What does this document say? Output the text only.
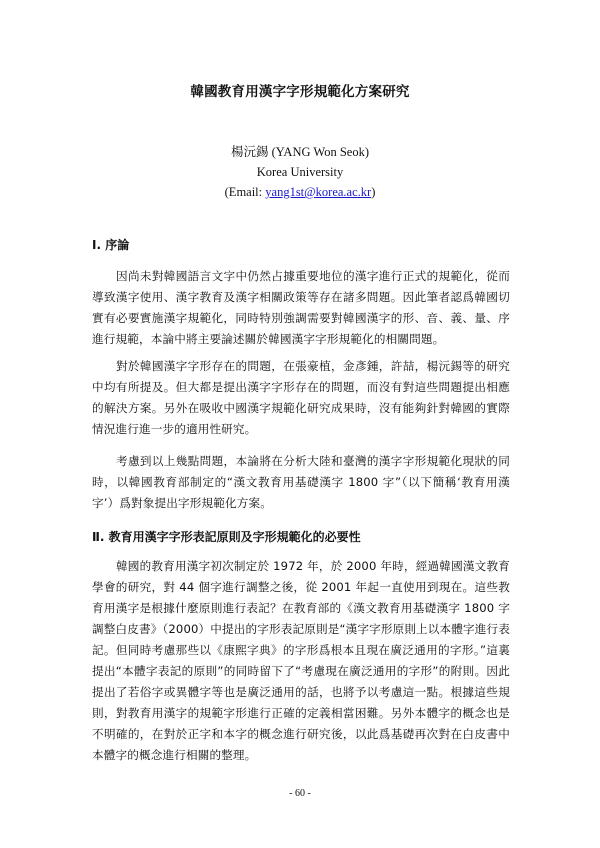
韓國教育用漢字字形規範化方案研究
楊沅錫 (YANG Won Seok)
Korea University
(Email: yang1st@korea.ac.kr)
Ⅰ. 序論
因尚未對韓國語言文字中仍然占據重要地位的漢字進行正式的規範化，從而導致漢字使用、漢字教育及漢字相關政策等存在諸多問題。因此筆者認爲韓國切實有必要實施漢字規範化，同時特別強調需要對韓國漢字的形、音、義、量、序進行規範，本論中將主要論述關於韓國漢字字形規範化的相關問題。
對於韓國漢字字形存在的問題，在張豪植，金彥鍾，許喆，楊沅錫等的研究中均有所提及。但大都是提出漢字字形存在的問題，而沒有對這些問題提出相應的解決方案。另外在吸收中國漢字規範化研究成果時，沒有能夠針對韓國的實際情況進行進一步的適用性研究。
考慮到以上幾點問題，本論將在分析大陸和臺灣的漢字字形規範化現狀的同時，以韓國教育部制定的“漢文教育用基礎漢字 1800 字”（以下簡稱‘教育用漢字’）爲對象提出字形規範化方案。
Ⅱ. 教育用漢字字形表記原則及字形規範化的必要性
韓國的教育用漢字初次制定於 1972 年，於 2000 年時，經過韓國漢文教育學會的研究，對 44 個字進行調整之後，從 2001 年起一直使用到現在。這些教育用漢字是根據什麼原則進行表記？在教育部的《漢文教育用基礎漢字 1800 字調整白皮書》（2000）中提出的字形表記原則是“漢字字形原則上以本體字進行表記。但同時考慮那些以《康熙字典》的字形爲根本且現在廣泛通用的字形。”這裏提出“本體字表記的原則”的同時留下了“考慮現在廣泛通用的字形”的附則。因此提出了若俗字或異體字等也是廣泛通用的話，也將予以考慮這一點。根據這些規則，對教育用漢字的規範字形進行正確的定義相當困難。另外本體字的概念也是不明確的，在對於正字和本字的概念進行研究後，以此爲基礎再次對在白皮書中本體字的概念進行相關的整理。
- 60 -
